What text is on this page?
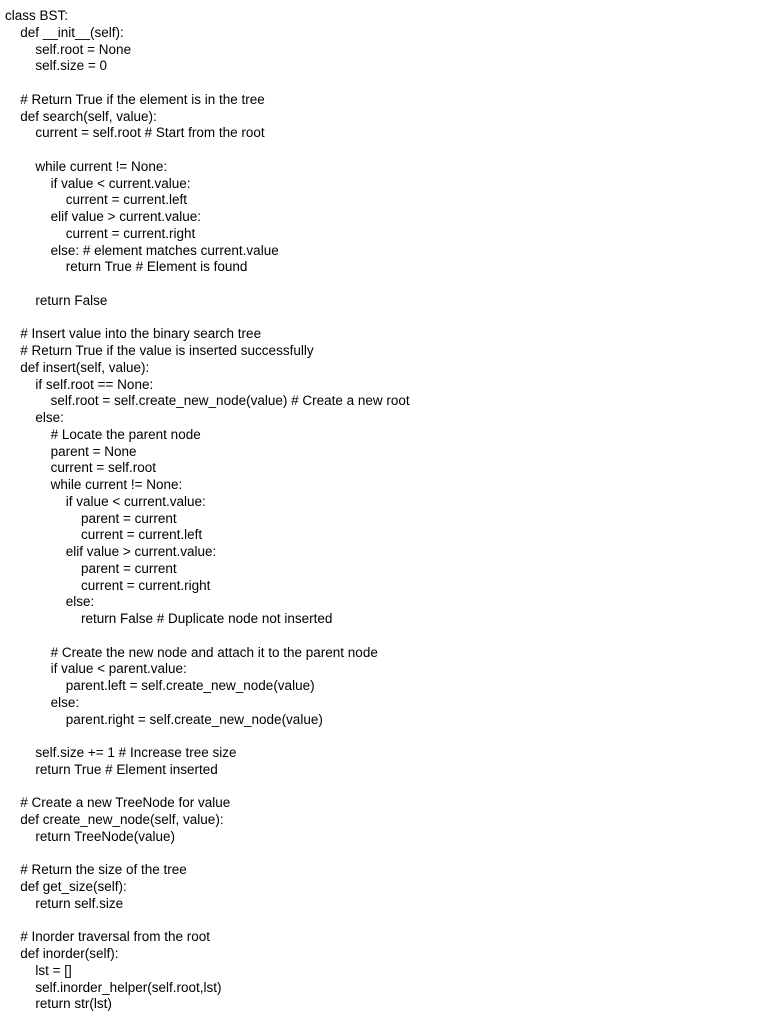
class BST:
def __init__(self):
self.root = None
self.size = 0
# Return True if the element is in the tree
def search(self, value):
current = self.root # Start from the root
while current != None:
if value < current.value:
current = current.left
elif value > current.value:
current = current.right
else: # element matches current.value
return True # Element is found
return False
# Insert value into the binary search tree
# Return True if the value is inserted successfully
def insert(self, value):
if self.root == None:
self.root = self.create_new_node(value) # Create a new root
else:
# Locate the parent node
parent = None
current = self.root
while current != None:
if value < current.value:
parent = current
current = current.left
elif value > current.value:
parent = current
current = current.right
else:
return False # Duplicate node not inserted
# Create the new node and attach it to the parent node
if value < parent.value:
parent.left = self.create_new_node(value)
else:
parent.right = self.create_new_node(value)
self.size += 1 # Increase tree size
return True # Element inserted
# Create a new TreeNode for value
def create_new_node(self, value):
return TreeNode(value)
# Return the size of the tree
def get_size(self):
return self.size
# Inorder traversal from the root
def inorder(self):
lst = []
self.inorder_helper(self.root,lst)
return str(lst)
